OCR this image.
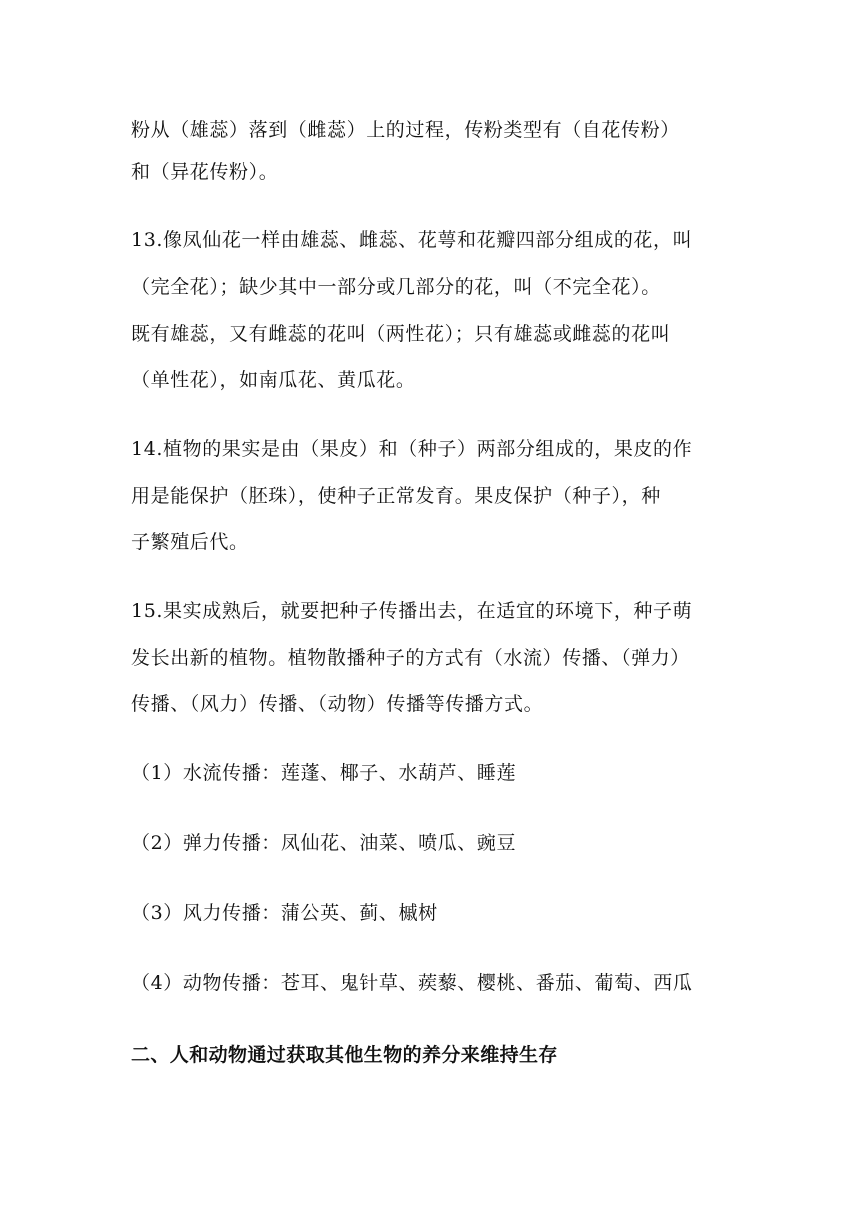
粉从（雄蕊）落到（雌蕊）上的过程，传粉类型有（自花传粉）
和（异花传粉）。
13.像凤仙花一样由雄蕊、雌蕊、花萼和花瓣四部分组成的花，叫
（完全花）；缺少其中一部分或几部分的花，叫（不完全花）。
既有雄蕊，又有雌蕊的花叫（两性花）；只有雄蕊或雌蕊的花叫
（单性花），如南瓜花、黄瓜花。
14.植物的果实是由（果皮）和（种子）两部分组成的，果皮的作
用是能保护（胚珠），使种子正常发育。果皮保护（种子），种
子繁殖后代。
15.果实成熟后，就要把种子传播出去，在适宜的环境下，种子萌
发长出新的植物。植物散播种子的方式有（水流）传播、（弹力）
传播、（风力）传播、（动物）传播等传播方式。
（1）水流传播：莲蓬、椰子、水葫芦、睡莲
（2）弹力传播：凤仙花、油菜、喷瓜、豌豆
（3）风力传播：蒲公英、蓟、槭树
（4）动物传播：苍耳、鬼针草、蒺藜、樱桃、番茄、葡萄、西瓜
二、人和动物通过获取其他生物的养分来维持生存
